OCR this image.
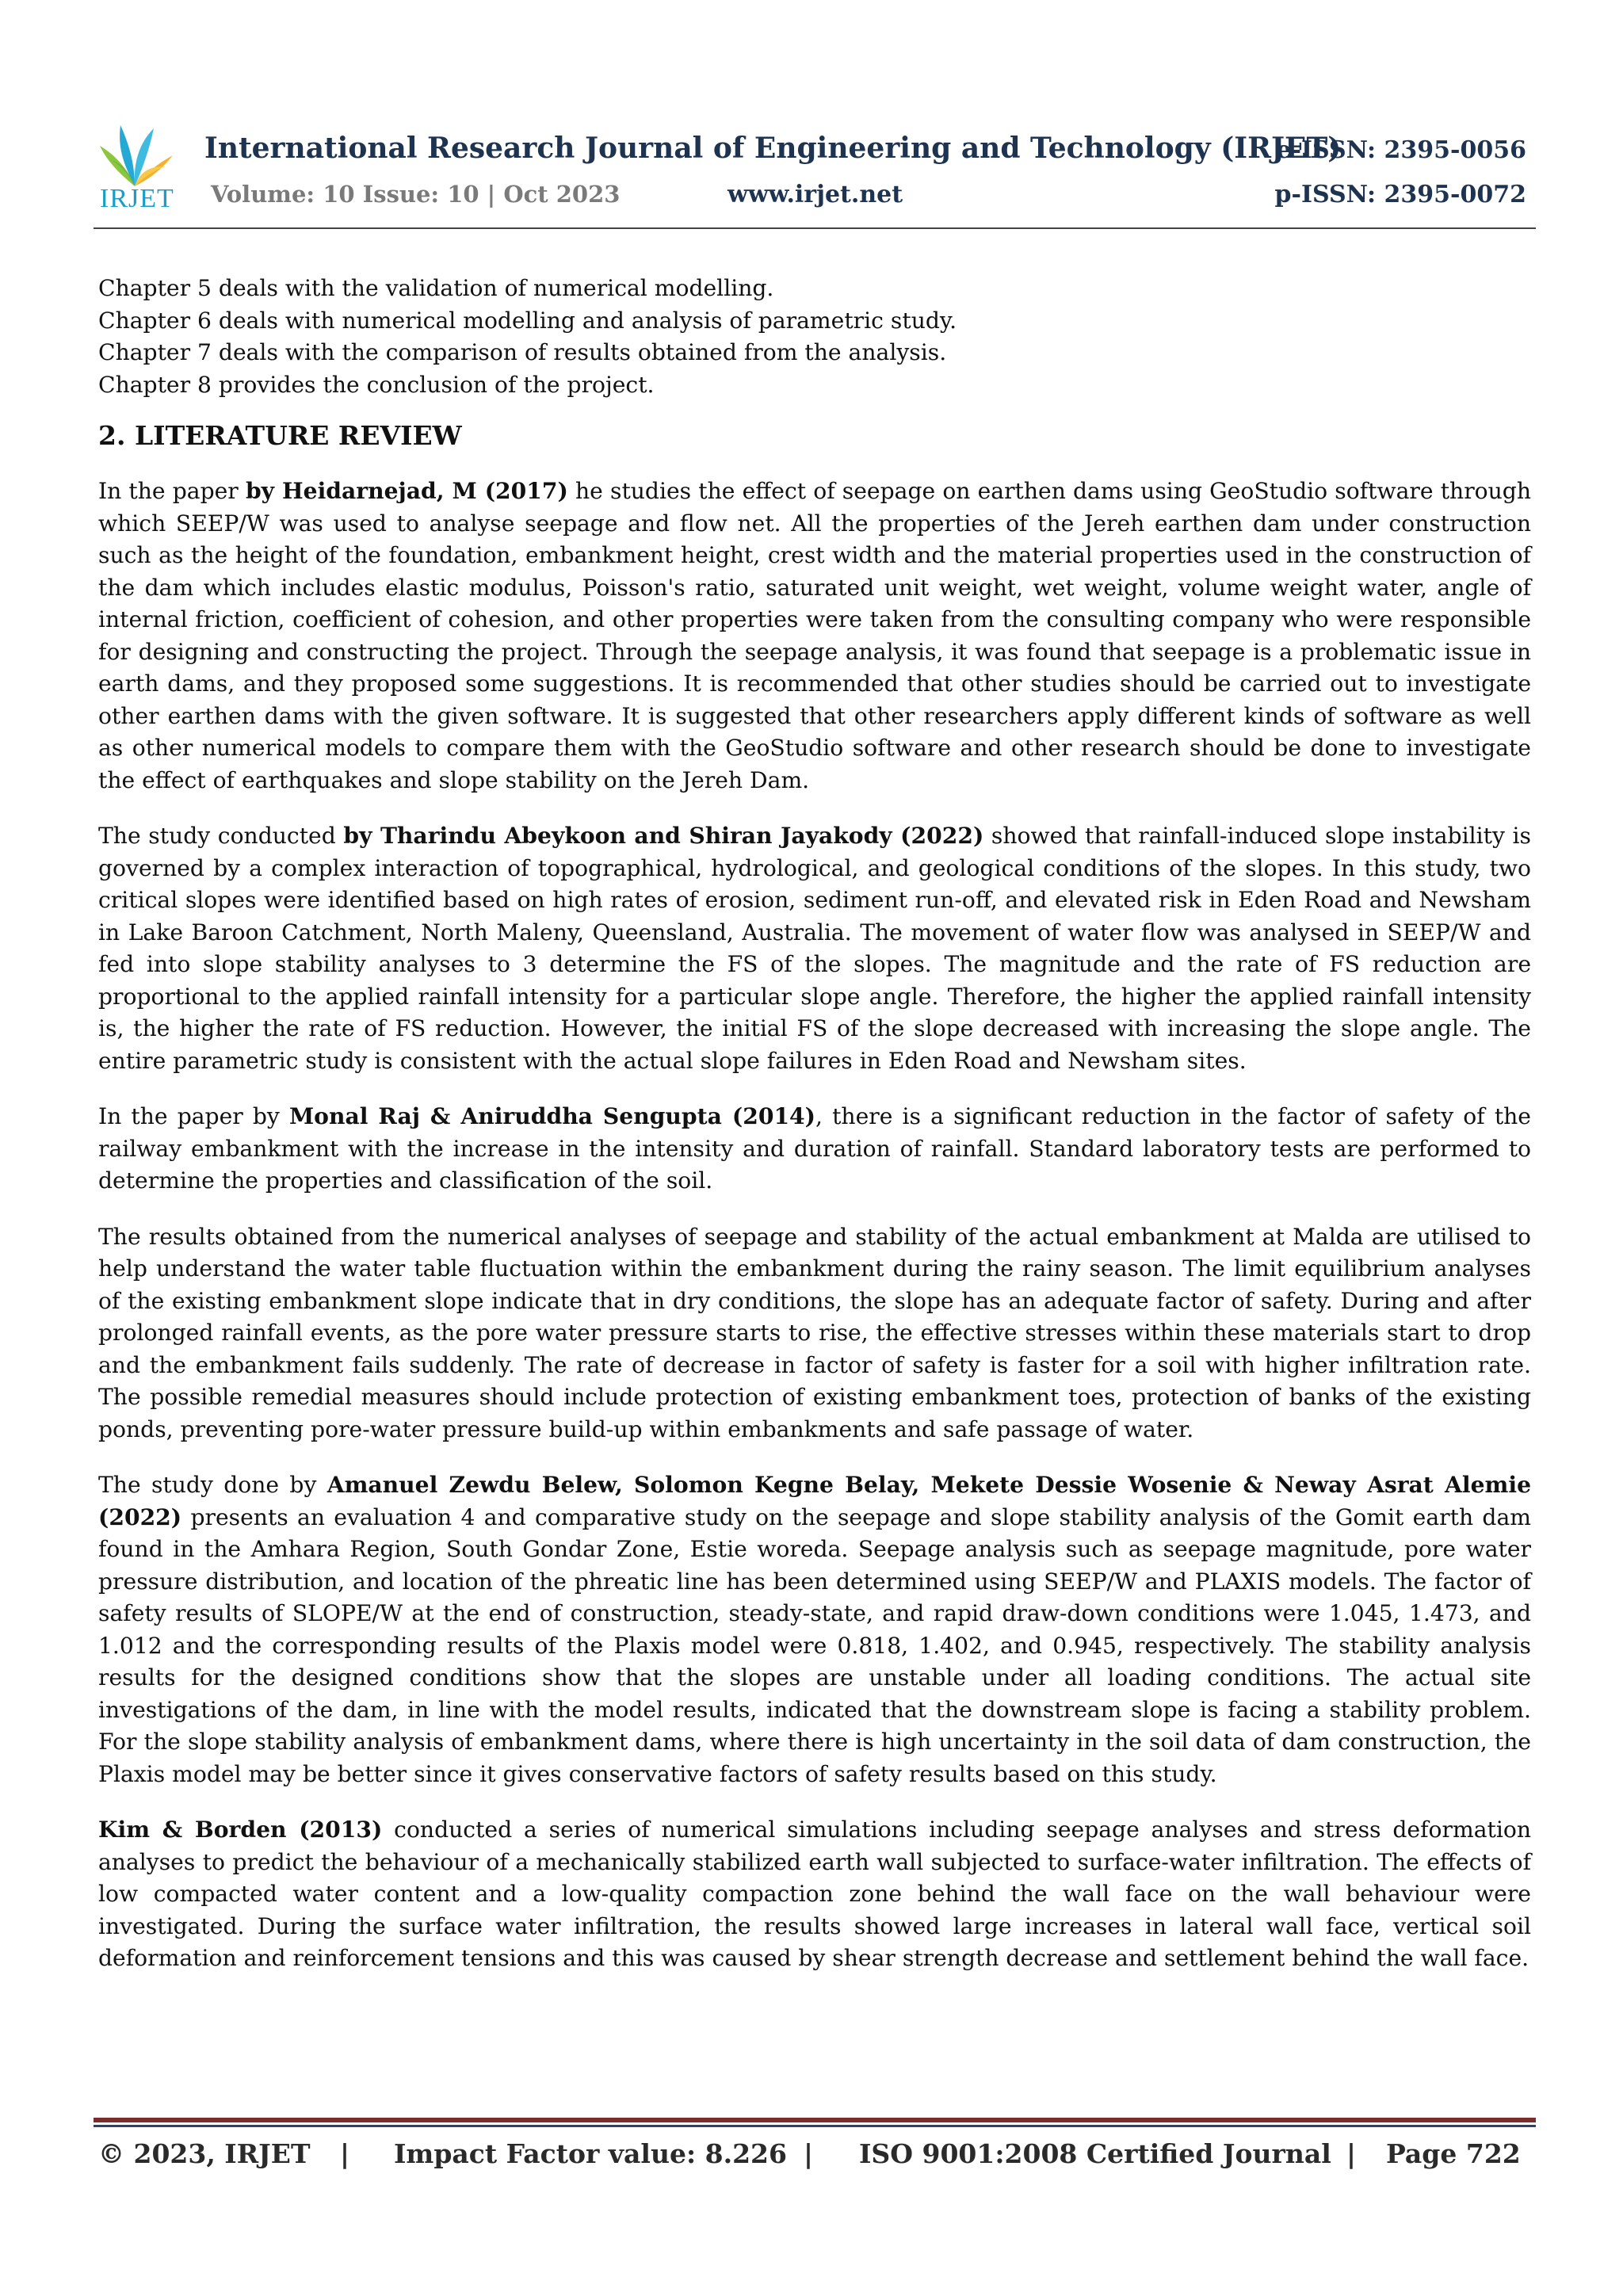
IRJET
International Research Journal of Engineering and Technology (IRJET)
e-ISSN: 2395-0056
Volume: 10 Issue: 10 | Oct 2023	www.irjet.net	p-ISSN: 2395-0072

Chapter 5 deals with the validation of numerical modelling.

Chapter 6 deals with numerical modelling and analysis of parametric study.

Chapter 7 deals with the comparison of results obtained from the analysis.

Chapter 8 provides the conclusion of the project.

2. LITERATURE REVIEW

In the paper by Heidarnejad, M (2017) he studies the effect of seepage on earthen dams using GeoStudio software through which SEEP/W was used to analyse seepage and flow net. All the properties of the Jereh earthen dam under construction such as the height of the foundation, embankment height, crest width and the material properties used in the construction of the dam which includes elastic modulus, Poisson's ratio, saturated unit weight, wet weight, volume weight water, angle of internal friction, coefficient of cohesion, and other properties were taken from the consulting company who were responsible for designing and constructing the project. Through the seepage analysis, it was found that seepage is a problematic issue in earth dams, and they proposed some suggestions. It is recommended that other studies should be carried out to investigate other earthen dams with the given software. It is suggested that other researchers apply different kinds of software as well as other numerical models to compare them with the GeoStudio software and other research should be done to investigate the effect of earthquakes and slope stability on the Jereh Dam.

The study conducted by Tharindu Abeykoon and Shiran Jayakody (2022) showed that rainfall-induced slope instability is governed by a complex interaction of topographical, hydrological, and geological conditions of the slopes. In this study, two critical slopes were identified based on high rates of erosion, sediment run-off, and elevated risk in Eden Road and Newsham in Lake Baroon Catchment, North Maleny, Queensland, Australia. The movement of water flow was analysed in SEEP/W and fed into slope stability analyses to 3 determine the FS of the slopes. The magnitude and the rate of FS reduction are proportional to the applied rainfall intensity for a particular slope angle. Therefore, the higher the applied rainfall intensity is, the higher the rate of FS reduction. However, the initial FS of the slope decreased with increasing the slope angle. The entire parametric study is consistent with the actual slope failures in Eden Road and Newsham sites.

In the paper by Monal Raj & Aniruddha Sengupta (2014), there is a significant reduction in the factor of safety of the railway embankment with the increase in the intensity and duration of rainfall. Standard laboratory tests are performed to determine the properties and classification of the soil.

The results obtained from the numerical analyses of seepage and stability of the actual embankment at Malda are utilised to help understand the water table fluctuation within the embankment during the rainy season. The limit equilibrium analyses of the existing embankment slope indicate that in dry conditions, the slope has an adequate factor of safety. During and after prolonged rainfall events, as the pore water pressure starts to rise, the effective stresses within these materials start to drop and the embankment fails suddenly. The rate of decrease in factor of safety is faster for a soil with higher infiltration rate. The possible remedial measures should include protection of existing embankment toes, protection of banks of the existing ponds, preventing pore-water pressure build-up within embankments and safe passage of water.

The study done by Amanuel Zewdu Belew, Solomon Kegne Belay, Mekete Dessie Wosenie & Neway Asrat Alemie (2022) presents an evaluation 4 and comparative study on the seepage and slope stability analysis of the Gomit earth dam found in the Amhara Region, South Gondar Zone, Estie woreda. Seepage analysis such as seepage magnitude, pore water pressure distribution, and location of the phreatic line has been determined using SEEP/W and PLAXIS models. The factor of safety results of SLOPE/W at the end of construction, steady-state, and rapid draw-down conditions were 1.045, 1.473, and 1.012 and the corresponding results of the Plaxis model were 0.818, 1.402, and 0.945, respectively. The stability analysis results for the designed conditions show that the slopes are unstable under all loading conditions. The actual site investigations of the dam, in line with the model results, indicated that the downstream slope is facing a stability problem. For the slope stability analysis of embankment dams, where there is high uncertainty in the soil data of dam construction, the Plaxis model may be better since it gives conservative factors of safety results based on this study.

Kim & Borden (2013) conducted a series of numerical simulations including seepage analyses and stress deformation analyses to predict the behaviour of a mechanically stabilized earth wall subjected to surface-water infiltration. The effects of low compacted water content and a low-quality compaction zone behind the wall face on the wall behaviour were investigated. During the surface water infiltration, the results showed large increases in lateral wall face, vertical soil deformation and reinforcement tensions and this was caused by shear strength decrease and settlement behind the wall face.

© 2023, IRJET | Impact Factor value: 8.226 | ISO 9001:2008 Certified Journal | Page 722
